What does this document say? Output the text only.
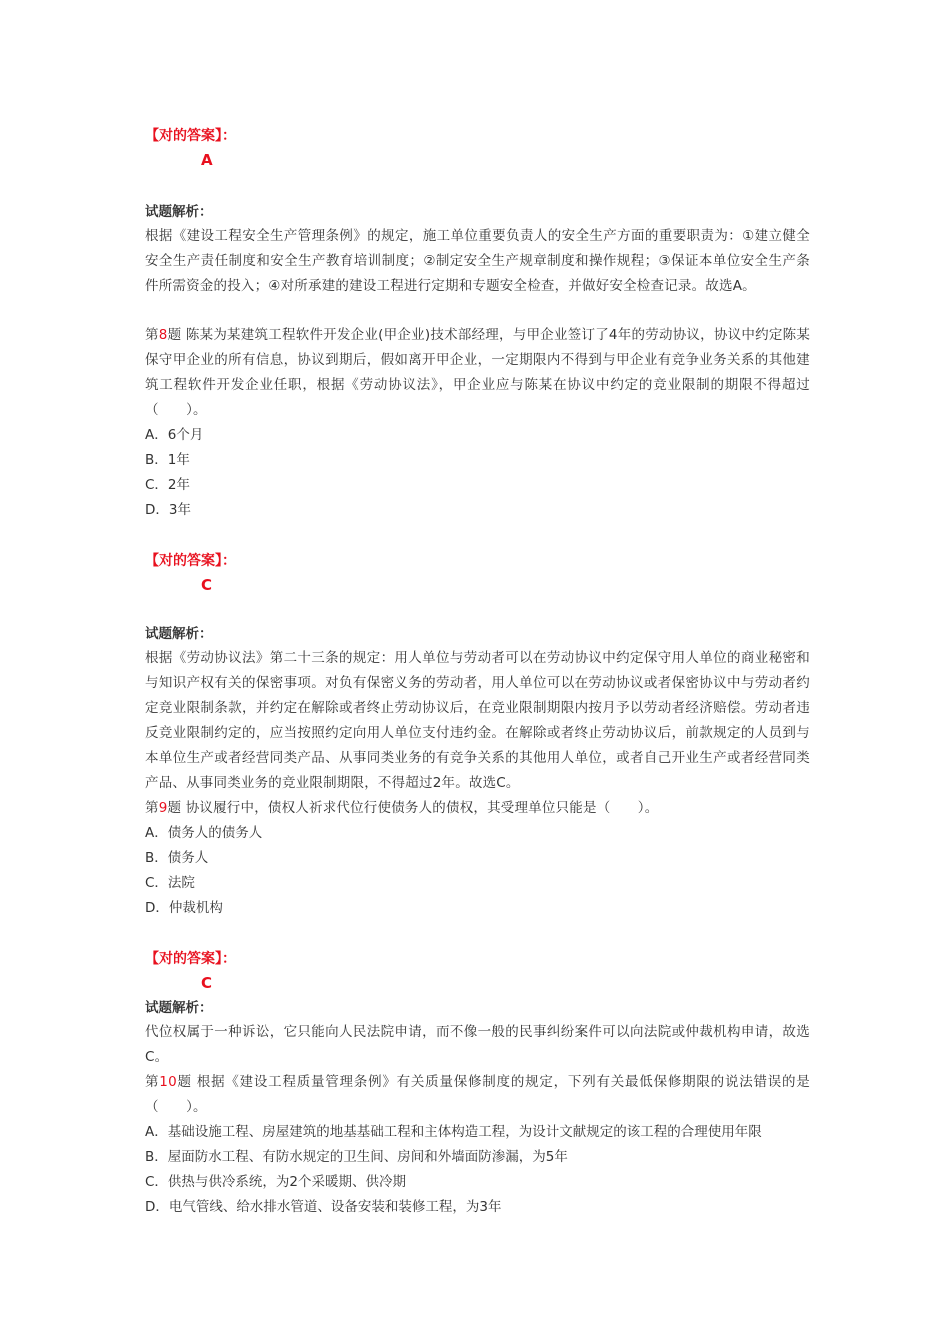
【对的答案】：
A
试题解析：
根据《建设工程安全生产管理条例》的规定，施工单位重要负责人的安全生产方面的重要职责为：①建立健全安全生产责任制度和安全生产教育培训制度；②制定安全生产规章制度和操作规程；③保证本单位安全生产条件所需资金的投入；④对所承建的建设工程进行定期和专题安全检查，并做好安全检查记录。故选A。
第8题 陈某为某建筑工程软件开发企业(甲企业)技术部经理，与甲企业签订了4年的劳动协议，协议中约定陈某保守甲企业的所有信息，协议到期后，假如离开甲企业，一定期限内不得到与甲企业有竞争业务关系的其他建筑工程软件开发企业任职，根据《劳动协议法》，甲企业应与陈某在协议中约定的竞业限制的期限不得超过（　　）。
A．6个月
B．1年
C．2年
D．3年
【对的答案】：
C
试题解析：
根据《劳动协议法》第二十三条的规定：用人单位与劳动者可以在劳动协议中约定保守用人单位的商业秘密和与知识产权有关的保密事项。对负有保密义务的劳动者，用人单位可以在劳动协议或者保密协议中与劳动者约定竞业限制条款，并约定在解除或者终止劳动协议后，在竞业限制期限内按月予以劳动者经济赔偿。劳动者违反竞业限制约定的，应当按照约定向用人单位支付违约金。在解除或者终止劳动协议后，前款规定的人员到与本单位生产或者经营同类产品、从事同类业务的有竞争关系的其他用人单位，或者自己开业生产或者经营同类产品、从事同类业务的竞业限制期限，不得超过2年。故选C。
第9题 协议履行中，债权人祈求代位行使债务人的债权，其受理单位只能是（　　）。
A．债务人的债务人
B．债务人
C．法院
D．仲裁机构
【对的答案】：
C
试题解析：
代位权属于一种诉讼，它只能向人民法院申请，而不像一般的民事纠纷案件可以向法院或仲裁机构申请，故选C。
第10题 根据《建设工程质量管理条例》有关质量保修制度的规定，下列有关最低保修期限的说法错误的是（　　）。
A．基础设施工程、房屋建筑的地基基础工程和主体构造工程，为设计文献规定的该工程的合理使用年限
B．屋面防水工程、有防水规定的卫生间、房间和外墙面防渗漏，为5年
C．供热与供冷系统，为2个采暖期、供冷期
D．电气管线、给水排水管道、设备安装和装修工程，为3年
